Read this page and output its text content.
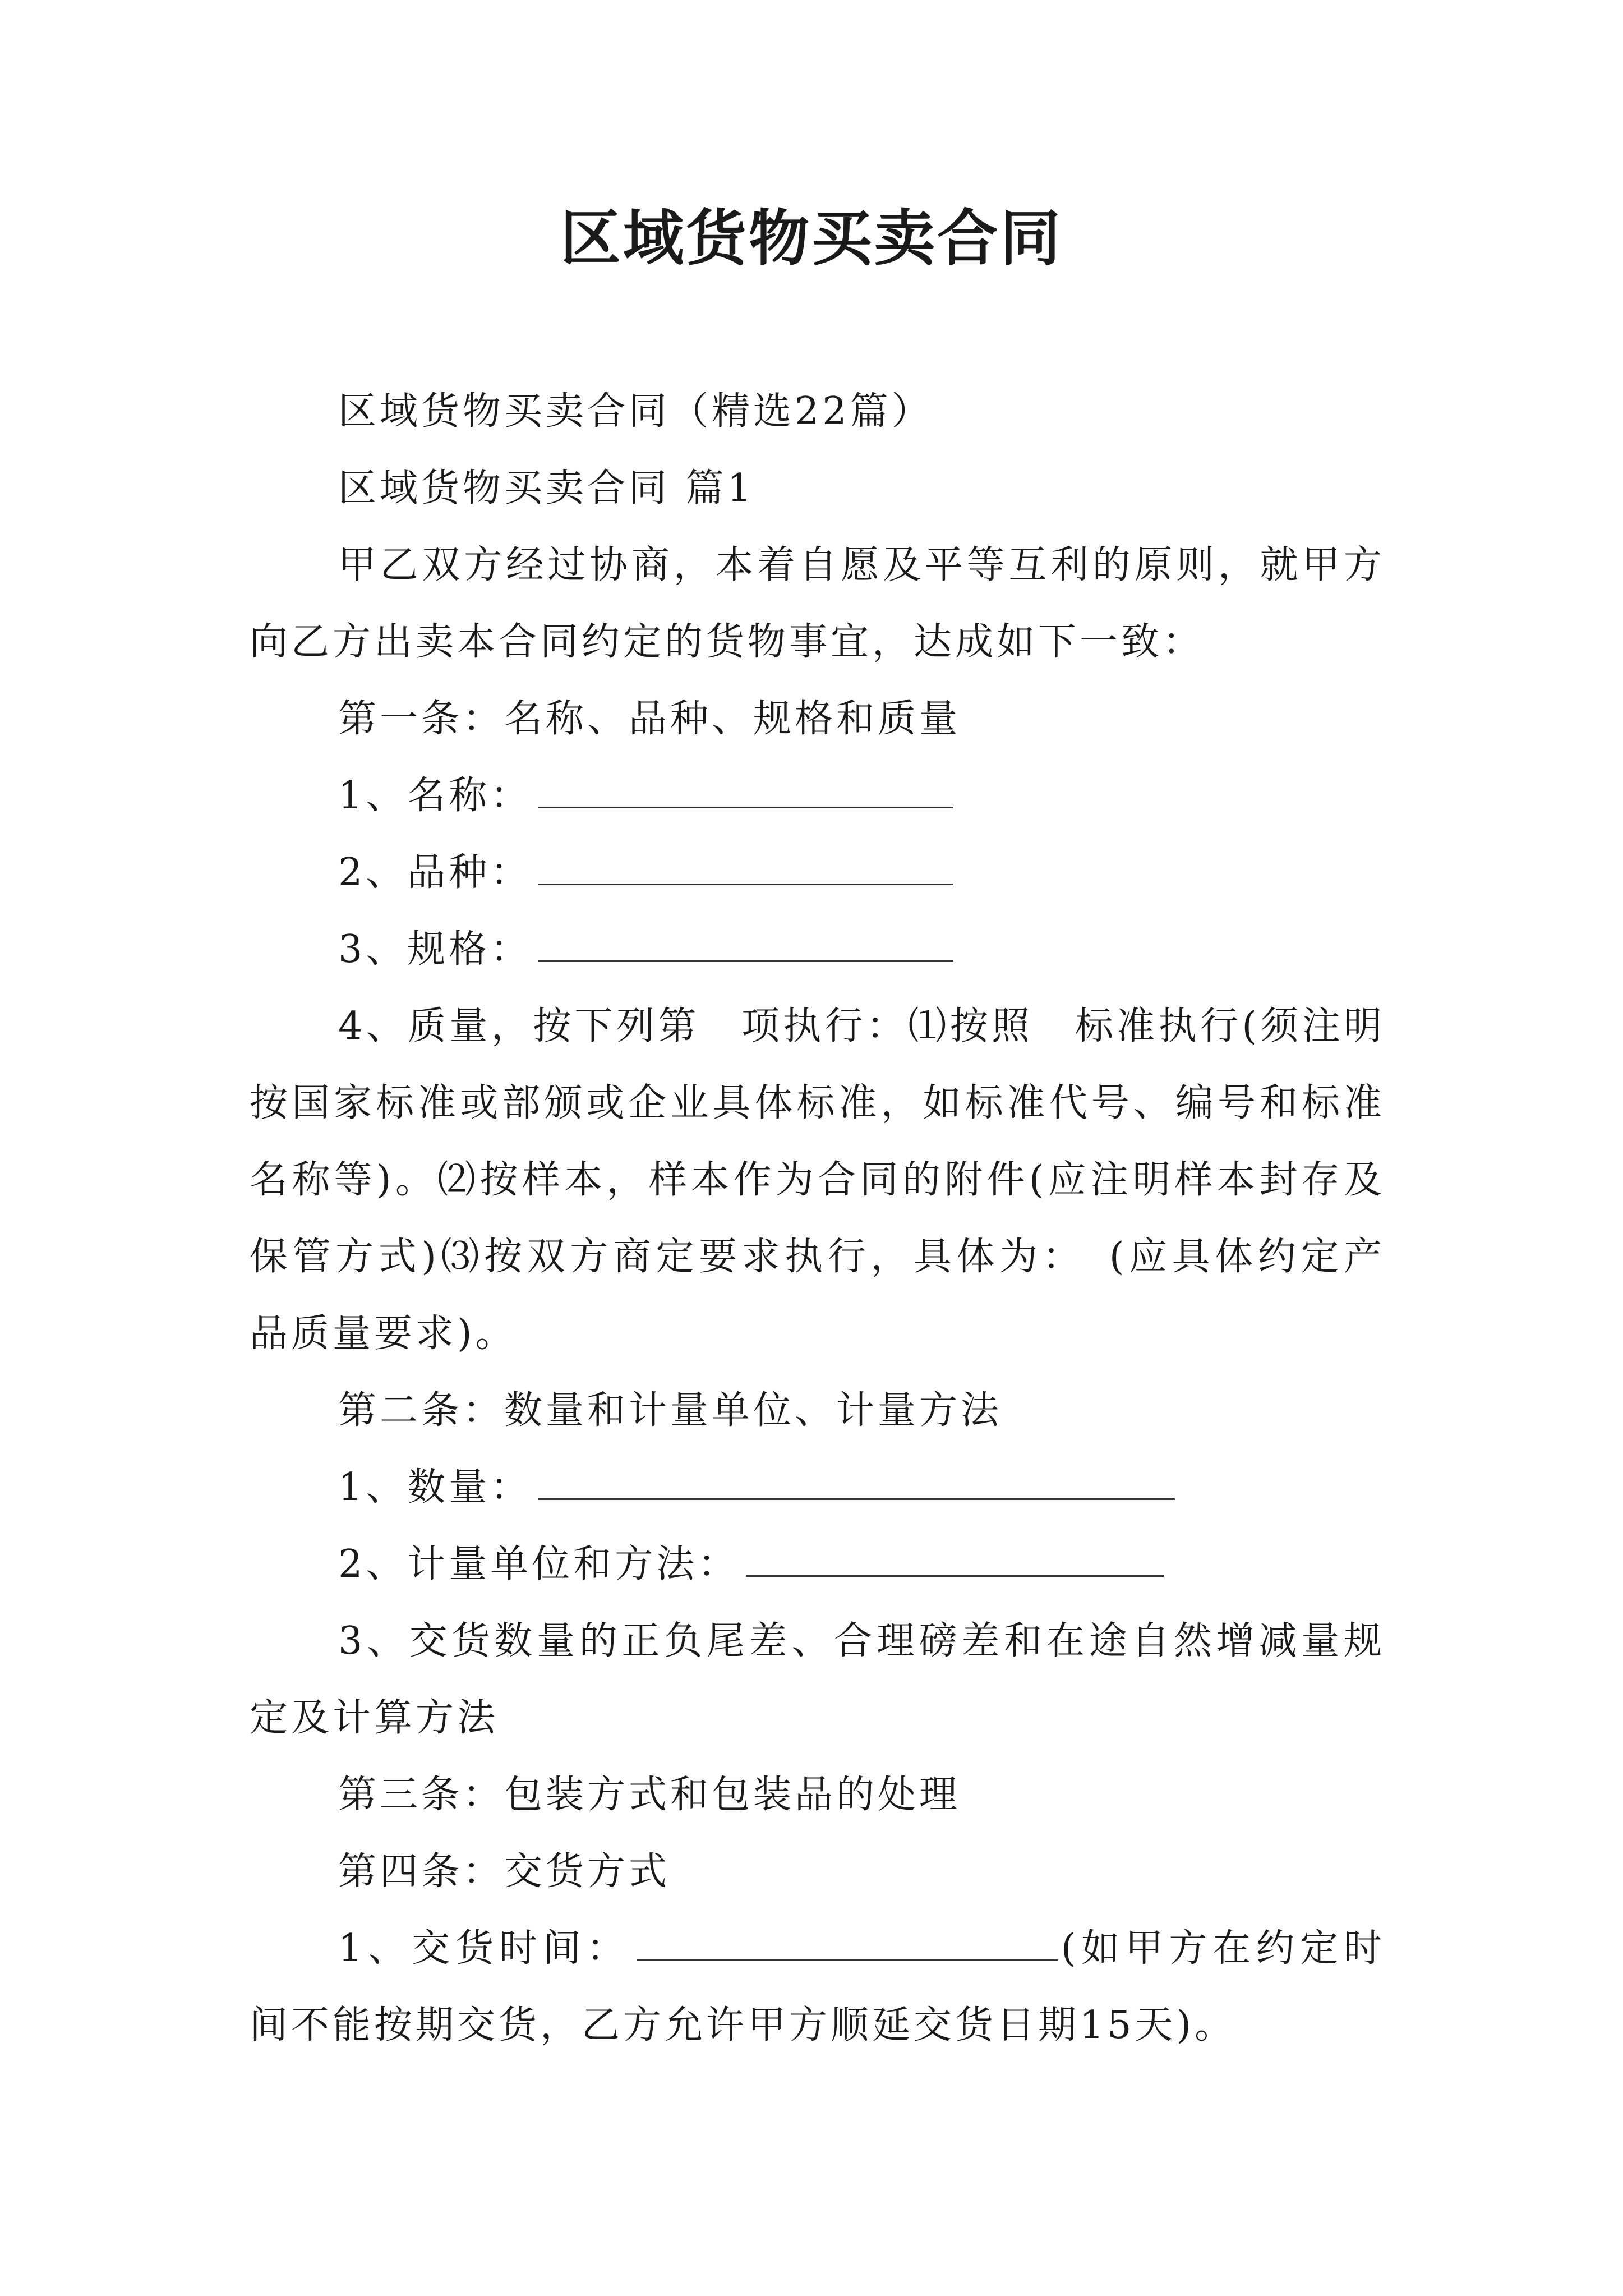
区域货物买卖合同

区域货物买卖合同（精选22篇）

区域货物买卖合同 篇1

甲乙双方经过协商，本着自愿及平等互利的原则，就甲方向乙方出卖本合同约定的货物事宜，达成如下一致：

第一条：名称、品种、规格和质量

1、名称：

2、品种：

3、规格：

4、质量，按下列第　项执行：⑴按照　标准执行(须注明按国家标准或部颁或企业具体标准，如标准代号、编号和标准名称等)。⑵按样本，样本作为合同的附件(应注明样本封存及保管方式)⑶按双方商定要求执行，具体为：　(应具体约定产品质量要求)。

第二条：数量和计量单位、计量方法

1、数量：

2、计量单位和方法：

3、交货数量的正负尾差、合理磅差和在途自然增减量规定及计算方法

第三条：包装方式和包装品的处理

第四条：交货方式

1、交货时间：	(如甲方在约定时间不能按期交货，乙方允许甲方顺延交货日期15天)。
